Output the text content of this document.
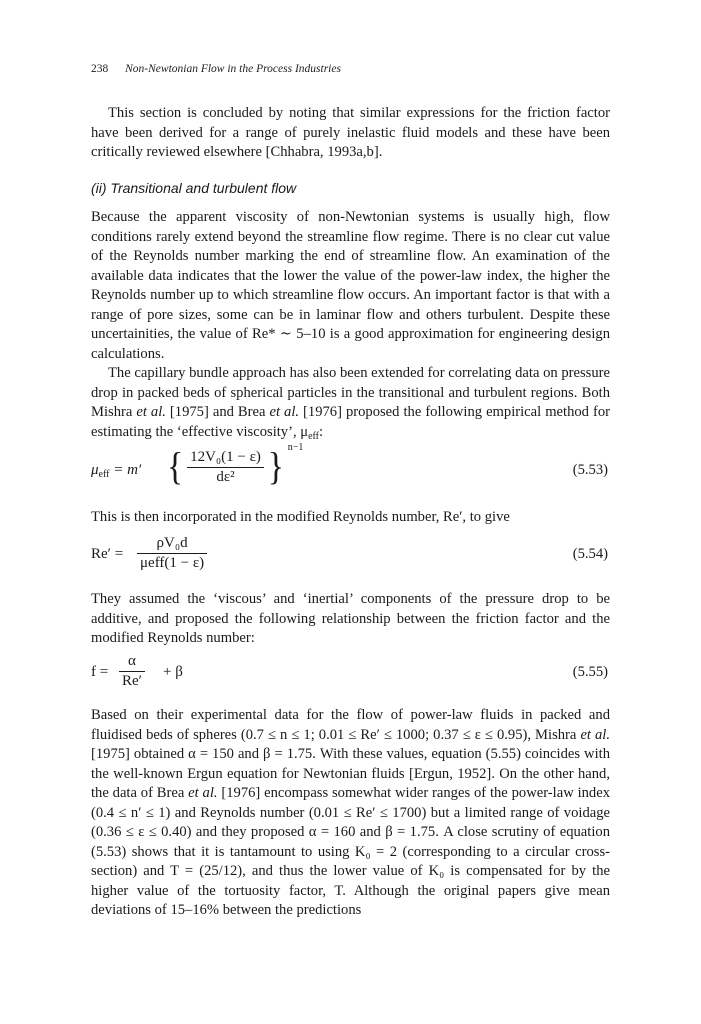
238 Non-Newtonian Flow in the Process Industries

This section is concluded by noting that similar expressions for the friction factor have been derived for a range of purely inelastic fluid models and these have been critically reviewed elsewhere [Chhabra, 1993a,b].

(ii) Transitional and turbulent flow

Because the apparent viscosity of non-Newtonian systems is usually high, flow conditions rarely extend beyond the streamline flow regime. There is no clear cut value of the Reynolds number marking the end of streamline flow. An examination of the available data indicates that the lower the value of the power-law index, the higher the Reynolds number up to which streamline flow occurs. An important factor is that with a range of pore sizes, some can be in laminar flow and others turbulent. Despite these uncertainities, the value of Re* ∼ 5–10 is a good approximation for engineering design calculations.

The capillary bundle approach has also been extended for correlating data on pressure drop in packed beds of spherical particles in the transitional and turbulent regions. Both Mishra et al. [1975] and Brea et al. [1976] proposed the following empirical method for estimating the ‘effective viscosity’, $\mu_{eff}$:

$\mu_{eff} = m'$ { $\frac{\text{12V₀(1 − ε)}}{\text{dε²}}$ } $^{n-1}$
(5.53)

This is then incorporated in the modified Reynolds number, Re′, to give

Re′ =
ρV₀d
μeff(1 − ε)
(5.54)

They assumed the ‘viscous’ and ‘inertial’ components of the pressure drop to be additive, and proposed the following relationship between the friction factor and the modified Reynolds number:

$f = \frac{\alpha}{Re'} + \beta$	(5.55)

Based on their experimental data for the flow of power-law fluids in packed and fluidised beds of spheres (0.7 ≤ n ≤ 1; 0.01 ≤ Re′ ≤ 1000; 0.37 ≤ ε ≤ 0.95), Mishra et al. [1975] obtained α = 150 and β = 1.75. With these values, equation (5.55) coincides with the well-known Ergun equation for Newtonian fluids [Ergun, 1952]. On the other hand, the data of Brea et al. [1976] encompass somewhat wider ranges of the power-law index (0.4 ≤ n′ ≤ 1) and Reynolds number (0.01 ≤ Re′ ≤ 1700) but a limited range of voidage (0.36 ≤ ε ≤ 0.40) and they proposed α = 160 and β = 1.75. A close scrutiny of equation (5.53) shows that it is tantamount to using K₀ = 2 (corresponding to a circular cross-section) and T = (25/12), and thus the lower value of K₀ is compensated for by the higher value of the tortuosity factor, T. Although the original papers give mean deviations of 15–16% between the predictions
